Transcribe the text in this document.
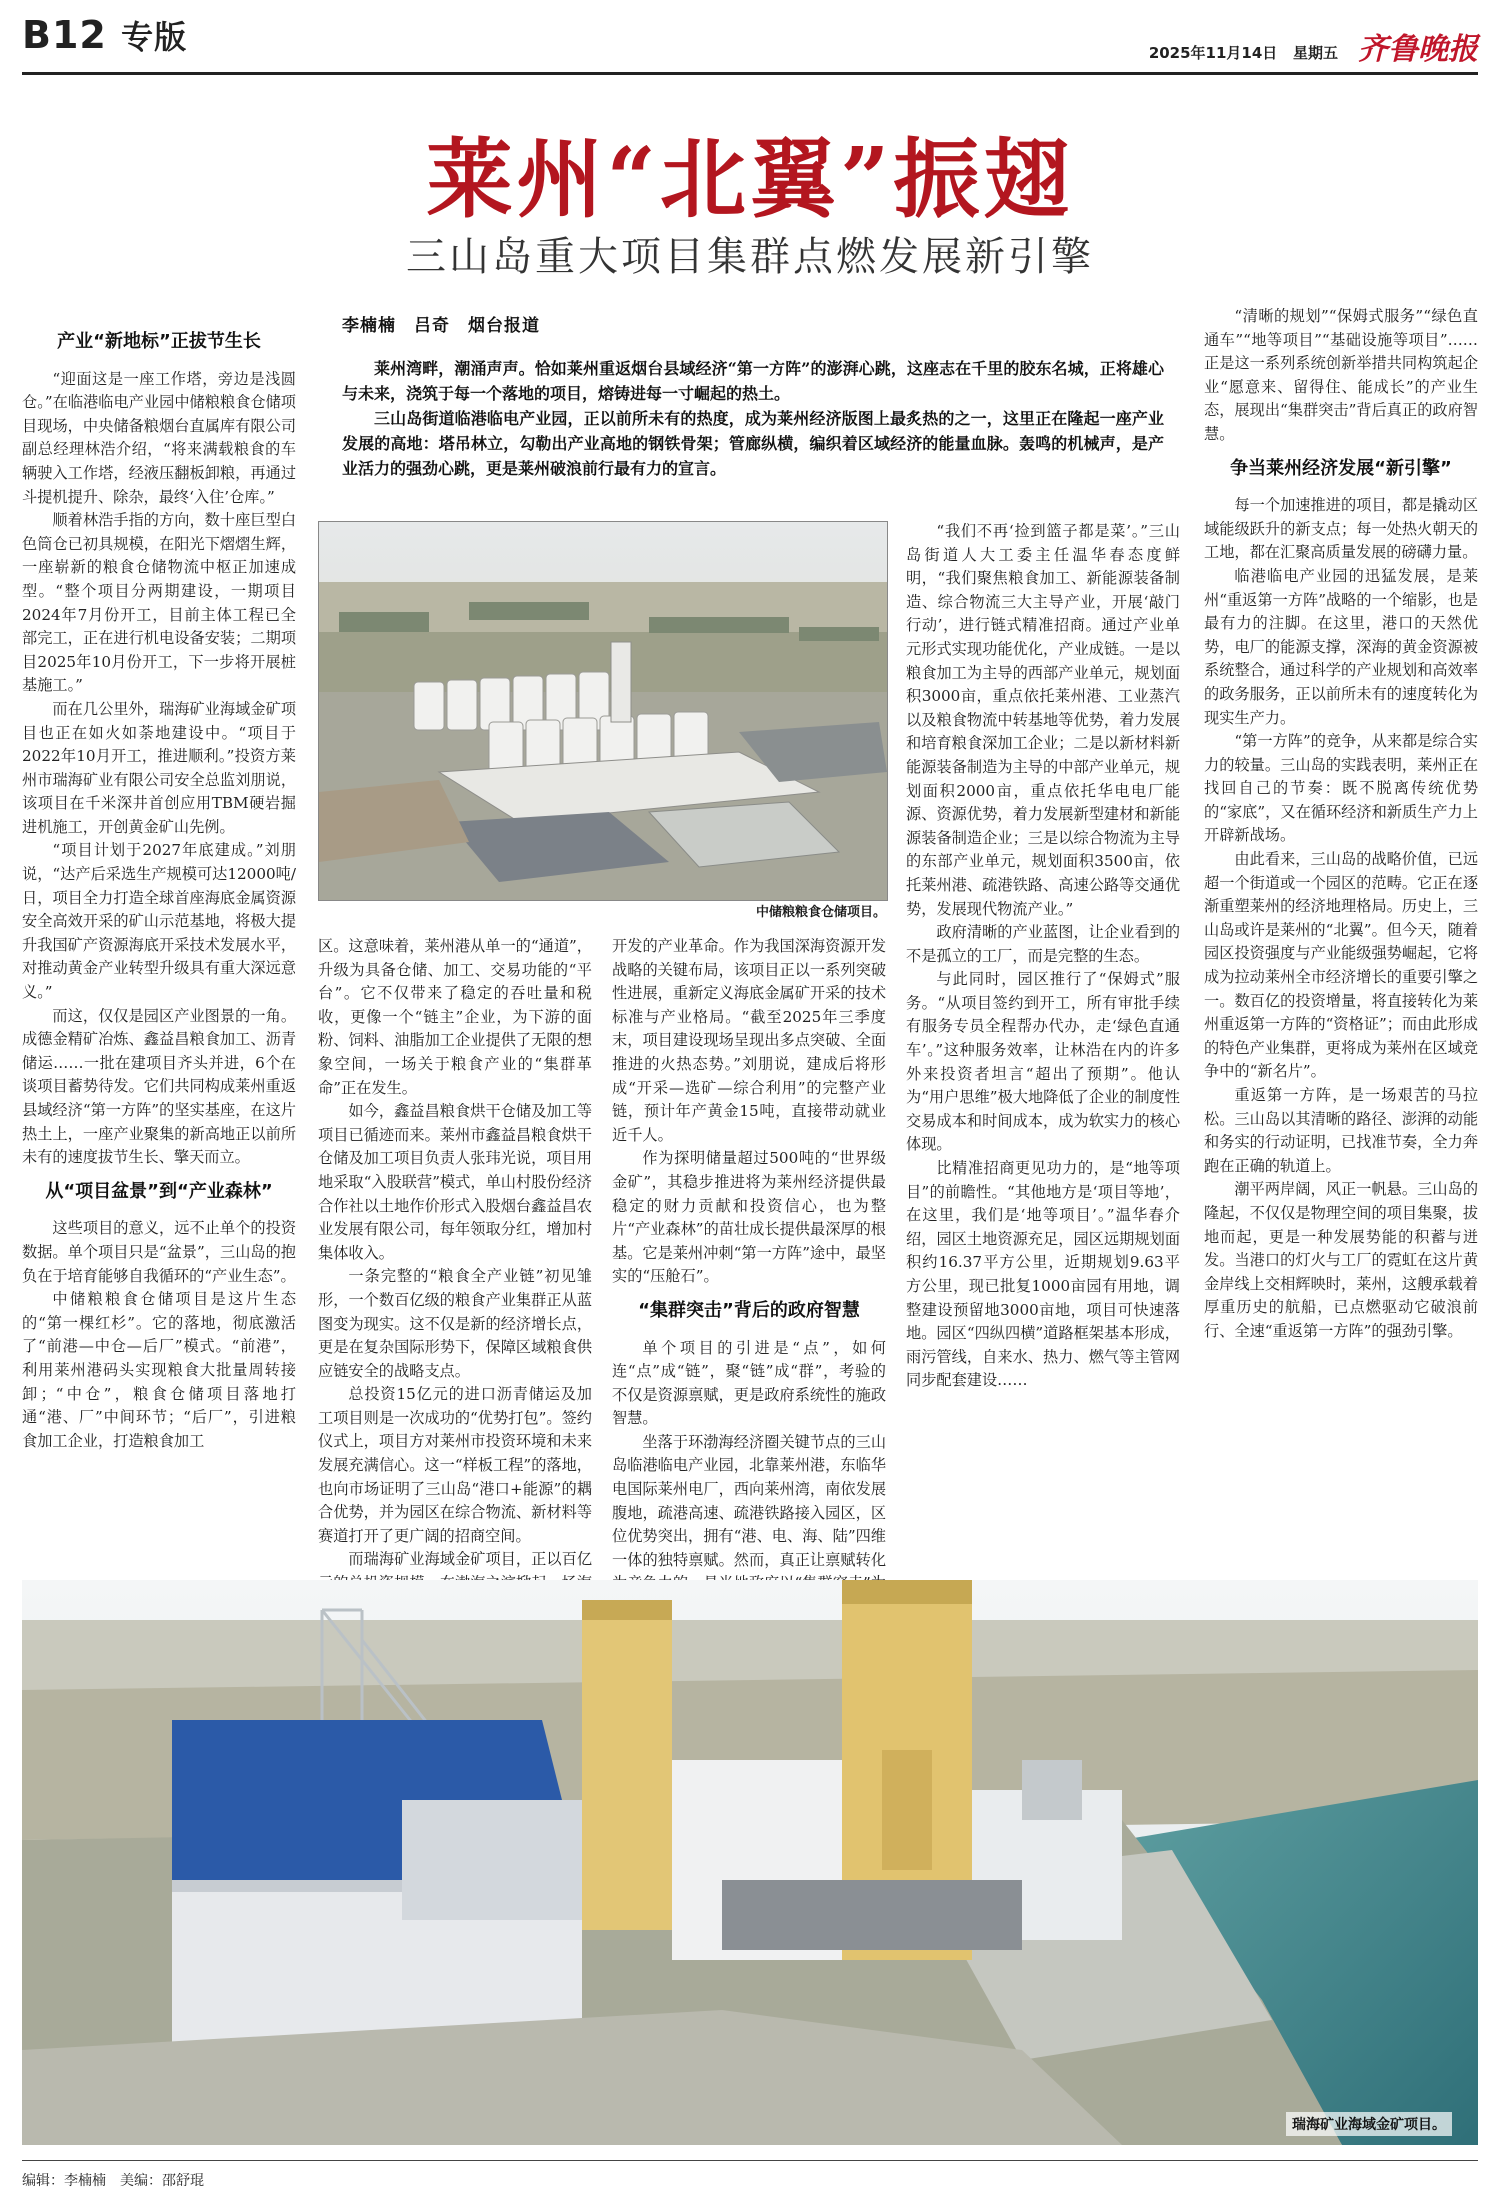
B12 专版	2025年11月14日 星期五 齐鲁晚报
莱州“北翼”振翅
三山岛重大项目集群点燃发展新引擎
李楠楠　吕奇　烟台报道

莱州湾畔，潮涌声声。恰如莱州重返烟台县域经济“第一方阵”的澎湃心跳，这座志在千里的胶东名城，正将雄心与未来，浇筑于每一个落地的项目，熔铸进每一寸崛起的热土。

三山岛街道临港临电产业园，正以前所未有的热度，成为莱州经济版图上最炙热的之一，这里正在隆起一座产业发展的高地：塔吊林立，勾勒出产业高地的钢铁骨架；管廊纵横，编织着区域经济的能量血脉。轰鸣的机械声，是产业活力的强劲心跳，更是莱州破浪前行最有力的宣言。

产业“新地标”正拔节生长

“迎面这是一座工作塔，旁边是浅圆仓。”在临港临电产业园中储粮粮食仓储项目现场，中央储备粮烟台直属库有限公司副总经理林浩介绍，“将来满载粮食的车辆驶入工作塔，经液压翻板卸粮，再通过斗提机提升、除杂，最终‘入住’仓库。”

顺着林浩手指的方向，数十座巨型白色筒仓已初具规模，在阳光下熠熠生辉，一座崭新的粮食仓储物流中枢正加速成型。“整个项目分两期建设，一期项目2024年7月份开工，目前主体工程已全部完工，正在进行机电设备安装；二期项目2025年10月份开工，下一步将开展桩基施工。”

而在几公里外，瑞海矿业海域金矿项目也正在如火如荼地建设中。“项目于2022年10月开工，推进顺利。”投资方莱州市瑞海矿业有限公司安全总监刘朋说，该项目在千米深井首创应用TBM硬岩掘进机施工，开创黄金矿山先例。

“项目计划于2027年底建成。”刘朋说，“达产后采选生产规模可达12000吨/日，项目全力打造全球首座海底金属资源安全高效开采的矿山示范基地，将极大提升我国矿产资源海底开采技术发展水平，对推动黄金产业转型升级具有重大深远意义。”

而这，仅仅是园区产业图景的一角。成德金精矿冶炼、鑫益昌粮食加工、沥青储运……一批在建项目齐头并进，6个在谈项目蓄势待发。它们共同构成莱州重返县域经济“第一方阵”的坚实基座，在这片热土上，一座产业聚集的新高地正以前所未有的速度拔节生长、擎天而立。

从“项目盆景”到“产业森林”

这些项目的意义，远不止单个的投资数据。单个项目只是“盆景”，三山岛的抱负在于培育能够自我循环的“产业生态”。

中储粮粮食仓储项目是这片生态的“第一棵红杉”。它的落地，彻底激活了“前港—中仓—后厂”模式。“前港”，利用莱州港码头实现粮食大批量周转接卸；“中仓”，粮食仓储项目落地打通“港、厂”中间环节；“后厂”，引进粮食加工企业，打造粮食加工

中储粮粮食仓储项目。

区。这意味着，莱州港从单一的“通道”，升级为具备仓储、加工、交易功能的“平台”。它不仅带来了稳定的吞吐量和税收，更像一个“链主”企业，为下游的面粉、饲料、油脂加工企业提供了无限的想象空间，一场关于粮食产业的“集群革命”正在发生。

如今，鑫益昌粮食烘干仓储及加工等项目已循迹而来。莱州市鑫益昌粮食烘干仓储及加工项目负责人张玮光说，项目用地采取“入股联营”模式，单山村股份经济合作社以土地作价形式入股烟台鑫益昌农业发展有限公司，每年领取分红，增加村集体收入。

一条完整的“粮食全产业链”初见雏形，一个数百亿级的粮食产业集群正从蓝图变为现实。这不仅是新的经济增长点，更是在复杂国际形势下，保障区域粮食供应链安全的战略支点。

总投资15亿元的进口沥青储运及加工项目则是一次成功的“优势打包”。签约仪式上，项目方对莱州市投资环境和未来发展充满信心。这一“样板工程”的落地，也向市场证明了三山岛“港口+能源”的耦合优势，并为园区在综合物流、新材料等赛道打开了更广阔的招商空间。

而瑞海矿业海域金矿项目，正以百亿

开发的产业革命。作为我国深海资源开发战略的关键布局，该项目正以一系列突破性进展，重新定义海底金属矿开采的技术标准与产业格局。“截至2025年三季度末，项目建设现场呈现出多点突破、全面推进的火热态势。”刘朋说，建成后将形成“开采—选矿—综合利用”的完整产业链，预计年产黄金15吨，直接带动就业近千人。

作为探明储量超过500吨的“世界级金矿”，其稳步推进将为莱州经济提供最稳定的财力贡献和投资信心，也为整片“产业森林”的苗壮成长提供最深厚的根基。它是莱州冲刺“第一方阵”途中，最坚实的“压舱石”。

“集群突击”背后的政府智慧

单个项目的引进是“点”，如何连“点”成“链”，聚“链”成“群”，考验的不仅是资源禀赋，更是政府系统性的施政智慧。

坐落于环渤海经济圈关键节点的三山岛临港临电产业园，北靠莱州港，东临华电国际莱州电厂，西向莱州湾，南依发展腹地，疏港高速、疏港铁路接入园区，区位优势突出，拥有“港、电、海、陆”四维一体的独特禀赋。然而，真正让禀赋转化

“我们不再‘捡到篮子都是菜’。”三山岛街道人大工委主任温华春态度鲜明，“我们聚焦粮食加工、新能源装备制造、综合物流三大主导产业，开展‘敲门行动’，进行链式精准招商。通过产业单元形式实现功能优化，产业成链。一是以粮食加工为主导的西部产业单元，规划面积3000亩，重点依托莱州港、工业蒸汽以及粮食物流中转基地等优势，着力发展和培育粮食深加工企业；二是以新材料新能源装备制造为主导的中部产业单元，规划面积2000亩，重点依托华电电厂能源、资源优势，着力发展新型建材和新能源装备制造企业；三是以综合物流为主导的东部产业单元，规划面积3500亩，依托莱州港、疏港铁路、高速公路等交通优势，发展现代物流产业。”

政府清晰的产业蓝图，让企业看到的不是孤立的工厂，而是完整的生态。

与此同时，园区推行了“保姆式”服务。“从项目签约到开工，所有审批手续有服务专员全程帮办代办，走‘绿色直通车’。”这种服务效率，让林浩在内的许多外来投资者坦言“超出了预期”。他认为“用户思维”极大地降低了企业的制度性交易成本和时间成本，成为软实力的核心体现。

比精准招商更见功力的，是“地等项目”的前瞻性。“其他地方是‘项目等地’，在这里，我们是‘地等项目’。”温华春介绍，园区土地资源充足，园区远期规划面积约16.37平方公里，近期规划9.63平方公里，现已批复1000亩园有用地，调整建设预留地3000亩地，项目可快速落地。园区“四纵四横”道路框架基本形成，雨污管线，自来水、热力、燃气等主管网同步配套建设……

“清晰的规划”“保姆式服务”“绿色直通车”“地等项目”“基础设施等项目”……正是这一系列系统创新举措共同构筑起企业“愿意来、留得住、能成长”的产业生态，展现出“集群突击”背后真正的政府智慧。

争当莱州经济发展“新引擎”

每一个加速推进的项目，都是撬动区域能级跃升的新支点；每一处热火朝天的工地，都在汇聚高质量发展的磅礴力量。

临港临电产业园的迅猛发展，是莱州“重返第一方阵”战略的一个缩影，也是最有力的注脚。在这里，港口的天然优势，电厂的能源支撑，深海的黄金资源被系统整合，通过科学的产业规划和高效率的政务服务，正以前所未有的速度转化为现实生产力。

“第一方阵”的竞争，从来都是综合实力的较量。三山岛的实践表明，莱州正在找回自己的节奏：既不脱离传统优势的“家底”，又在循环经济和新质生产力上开辟新战场。

由此看来，三山岛的战略价值，已远超一个街道或一个园区的范畴。它正在逐渐重塑莱州的经济地理格局。历史上，三山岛或许是莱州的“北翼”。但今天，随着园区投资强度与产业能级强势崛起，它将成为拉动莱州全市经济增长的重要引擎之一。数百亿的投资增量，将直接转化为莱州重返第一方阵的“资格证”；而由此形成的特色产业集群，更将成为莱州在区域竞争中的“新名片”。

重返第一方阵，是一场艰苦的马拉松。三山岛以其清晰的路径、澎湃的动能和务实的行动证明，已找准节奏，全力奔跑在正确的轨道上。

潮平两岸阔，风正一帆悬。三山岛的隆起，不仅仅是物理空间的项目集聚，拔地而起，更是一种发展势能的积蓄与迸发。当港口的灯火与工厂的霓虹在这片黄金岸线上交相辉映时，莱州，这艘承载着厚重历史的航船，已点燃驱动它破浪前行、全速“重返第一方阵”的强劲引擎。

瑞海矿业海域金矿项目。
编辑：李楠楠　美编：邵舒琨
